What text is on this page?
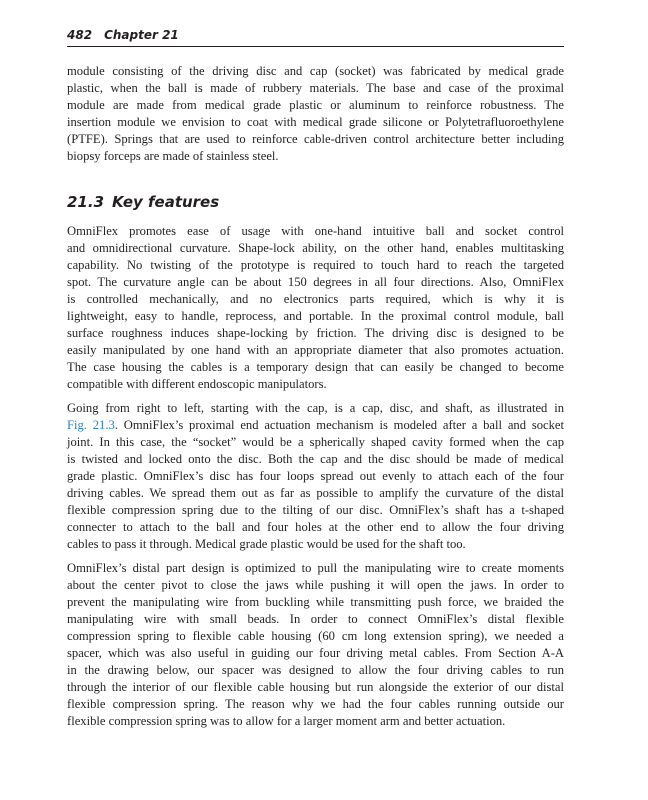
482 Chapter 21
module consisting of the driving disc and cap (socket) was fabricated by medical grade
plastic, when the ball is made of rubbery materials. The base and case of the proximal
module are made from medical grade plastic or aluminum to reinforce robustness. The
insertion module we envision to coat with medical grade silicone or Polytetrafluoroethylene
(PTFE). Springs that are used to reinforce cable-driven control architecture better including
biopsy forceps are made of stainless steel.
21.3 Key features
OmniFlex promotes ease of usage with one-hand intuitive ball and socket control
and omnidirectional curvature. Shape-lock ability, on the other hand, enables multitasking
capability. No twisting of the prototype is required to touch hard to reach the targeted
spot. The curvature angle can be about 150 degrees in all four directions. Also, OmniFlex
is controlled mechanically, and no electronics parts required, which is why it is
lightweight, easy to handle, reprocess, and portable. In the proximal control module, ball
surface roughness induces shape-locking by friction. The driving disc is designed to be
easily manipulated by one hand with an appropriate diameter that also promotes actuation.
The case housing the cables is a temporary design that can easily be changed to become
compatible with different endoscopic manipulators.
Going from right to left, starting with the cap, is a cap, disc, and shaft, as illustrated in
Fig. 21.3. OmniFlex’s proximal end actuation mechanism is modeled after a ball and socket
joint. In this case, the “socket” would be a spherically shaped cavity formed when the cap
is twisted and locked onto the disc. Both the cap and the disc should be made of medical
grade plastic. OmniFlex’s disc has four loops spread out evenly to attach each of the four
driving cables. We spread them out as far as possible to amplify the curvature of the distal
flexible compression spring due to the tilting of our disc. OmniFlex’s shaft has a t-shaped
connecter to attach to the ball and four holes at the other end to allow the four driving
cables to pass it through. Medical grade plastic would be used for the shaft too.
OmniFlex’s distal part design is optimized to pull the manipulating wire to create moments
about the center pivot to close the jaws while pushing it will open the jaws. In order to
prevent the manipulating wire from buckling while transmitting push force, we braided the
manipulating wire with small beads. In order to connect OmniFlex’s distal flexible
compression spring to flexible cable housing (60 cm long extension spring), we needed a
spacer, which was also useful in guiding our four driving metal cables. From Section A-A
in the drawing below, our spacer was designed to allow the four driving cables to run
through the interior of our flexible cable housing but run alongside the exterior of our distal
flexible compression spring. The reason why we had the four cables running outside our
flexible compression spring was to allow for a larger moment arm and better actuation.
